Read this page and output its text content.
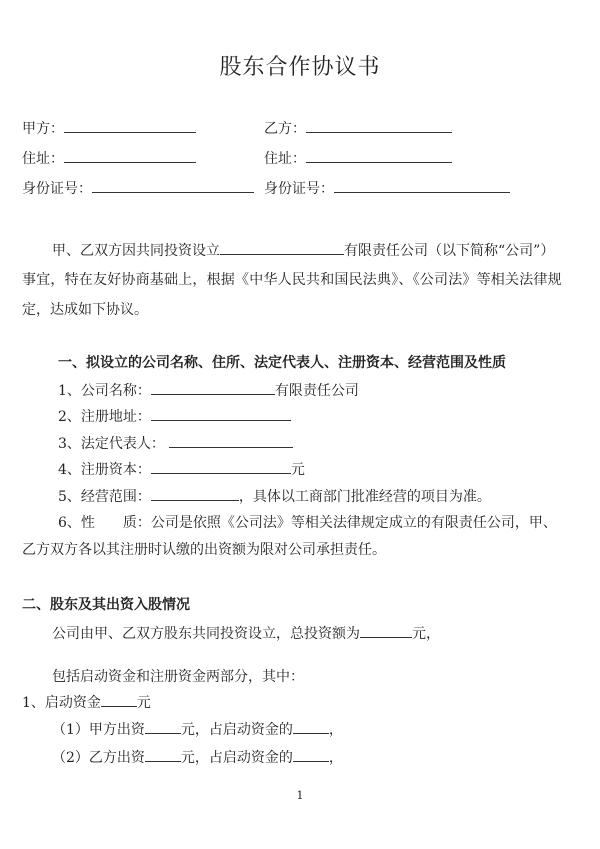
股东合作协议书
甲方：	乙方：
住址：	住址：
身份证号：	身份证号：
甲、乙双方因共同投资设立	有限责任公司（以下简称“公司”）
事宜，特在友好协商基础上，根据《中华人民共和国民法典》、《公司法》等相关法律规
定，达成如下协议。
一、拟设立的公司名称、住所、法定代表人、注册资本、经营范围及性质
1、公司名称：	有限责任公司
2、注册地址：
3、法定代表人：
4、注册资本：	元
5、经营范围：	，具体以工商部门批准经营的项目为准。
6、性　　质：公司是依照《公司法》等相关法律规定成立的有限责任公司，甲、
乙方双方各以其注册时认缴的出资额为限对公司承担责任。
二、股东及其出资入股情况
公司由甲、乙双方股东共同投资设立，总投资额为	元，
包括启动资金和注册资金两部分，其中：
1、启动资金	元
（1）甲方出资	元，占启动资金的	，
（2）乙方出资	元，占启动资金的	，
1
